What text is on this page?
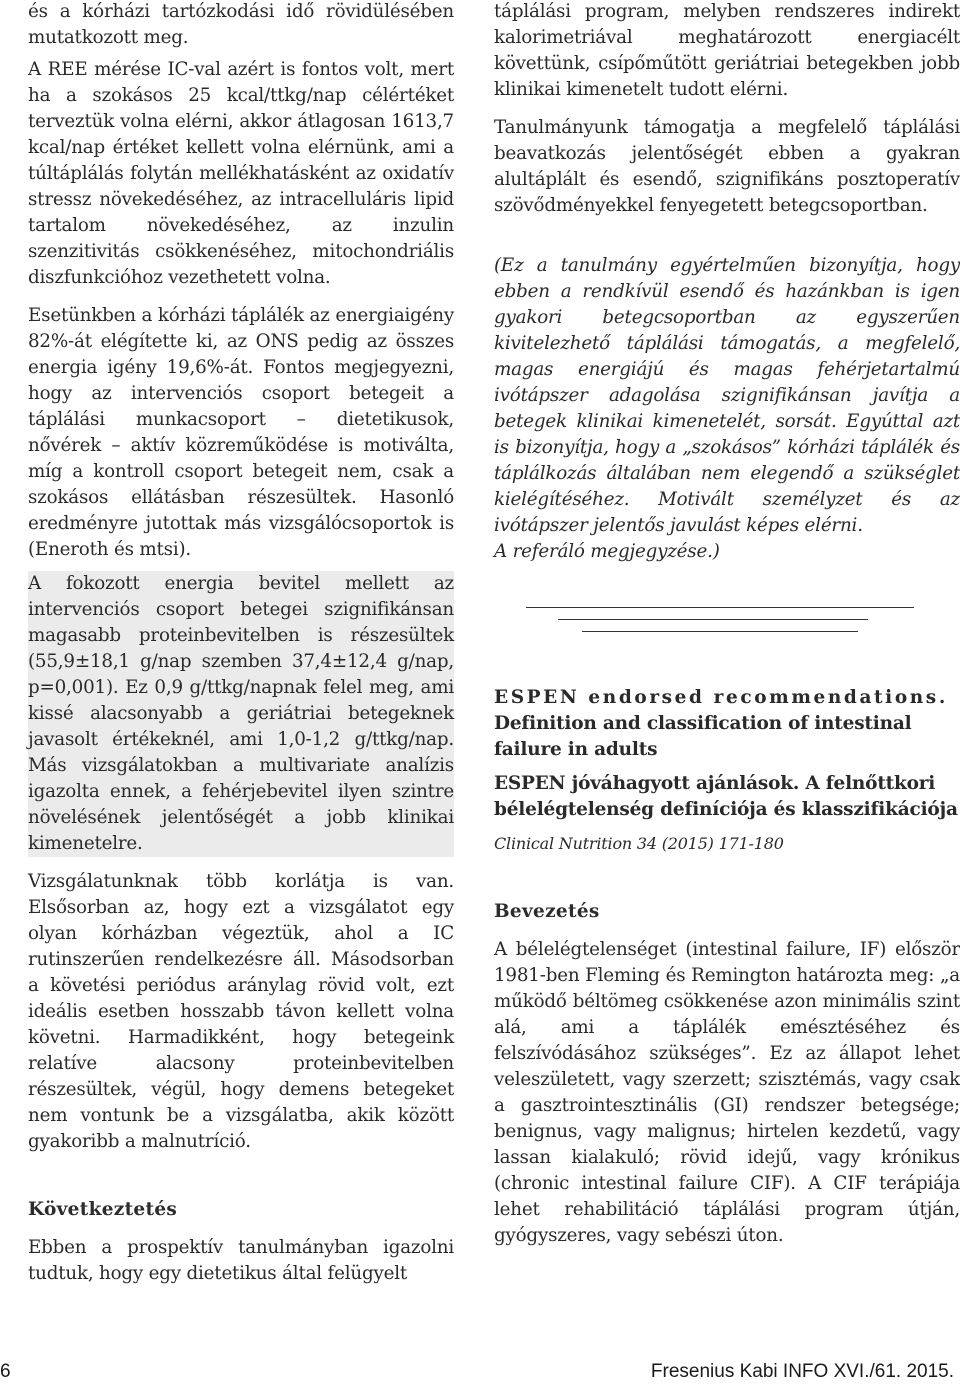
és a kórházi tartózkodási idő rövidülésében mutatkozott meg.

A REE mérése IC-val azért is fontos volt, mert ha a szokásos 25 kcal/ttkg/nap célértéket terveztük volna elérni, akkor átlagosan 1613,7 kcal/nap értéket kellett volna elérnünk, ami a túltáplálás folytán mellékhatásként az oxidatív stressz növekedéséhez, az intracelluláris lipid tartalom növekedéséhez, az inzulin szenzitivitás csökkenéséhez, mitochondriális diszfunkcióhoz vezethetett volna.

Esetünkben a kórházi táplálék az energiaigény 82%-át elégítette ki, az ONS pedig az összes energia igény 19,6%-át. Fontos megjegyezni, hogy az intervenciós csoport betegeit a táplálási munkacsoport – dietetikusok, nővérek – aktív közreműködése is motiválta, míg a kontroll csoport betegeit nem, csak a szokásos ellátásban részesültek. Hasonló eredményre jutottak más vizsgálócsoportok is (Eneroth és mtsi).

A fokozott energia bevitel mellett az intervenciós csoport betegei szignifikánsan magasabb proteinbevitelben is részesültek (55,9±18,1 g/nap szemben 37,4±12,4 g/nap, p=0,001). Ez 0,9 g/ttkg/napnak felel meg, ami kissé alacsonyabb a geriátriai betegeknek javasolt értékeknél, ami 1,0-1,2 g/ttkg/nap. Más vizsgálatokban a multivariate analízis igazolta ennek, a fehérjebevitel ilyen szintre növelésének jelentőségét a jobb klinikai kimenetelre.

Vizsgálatunknak több korlátja is van. Elsősorban az, hogy ezt a vizsgálatot egy olyan kórházban végeztük, ahol a IC rutinszerűen rendelkezésre áll. Másodsorban a követési periódus aránylag rövid volt, ezt ideális esetben hosszabb távon kellett volna követni. Harmadikként, hogy betegeink relatíve alacsony proteinbevitelben részesültek, végül, hogy demens betegeket nem vontunk be a vizsgálatba, akik között gyakoribb a malnutríció.

Következtetés

Ebben a prospektív tanulmányban igazolni tudtuk, hogy egy dietetikus által felügyelt

táplálási program, melyben rendszeres indirekt kalorimetriával meghatározott energiacélt követtünk, csípőműtött geriátriai betegekben jobb klinikai kimenetelt tudott elérni.

Tanulmányunk támogatja a megfelelő táplálási beavatkozás jelentőségét ebben a gyakran alultáplált és esendő, szignifikáns posztoperatív szövődményekkel fenyegetett betegcsoportban.

(Ez a tanulmány egyértelműen bizonyítja, hogy ebben a rendkívül esendő és hazánkban is igen gyakori betegcsoportban az egyszerűen kivitelezhető táplálási támogatás, a megfelelő, magas energiájú és magas fehérjetartalmú ivótápszer adagolása szignifikánsan javítja a betegek klinikai kimenetelét, sorsát. Egyúttal azt is bizonyítja, hogy a „szokásos” kórházi táplálék és táplálkozás általában nem elegendő a szükséglet kielégítéséhez. Motivált személyzet és az ivótápszer jelentős javulást képes elérni.

A referáló megjegyzése.)

ESPEN endorsed recommendations.
Definition and classification of intestinal failure in adults

ESPEN jóváhagyott ajánlások. A felnőttkori bélelégtelenség definíciója és klasszifikációja

Clinical Nutrition 34 (2015) 171-180

Bevezetés

A bélelégtelenséget (intestinal failure, IF) először 1981-ben Fleming és Remington határozta meg: „a működő béltömeg csökkenése azon minimális szint alá, ami a táplálék emésztéséhez és felszívódásához szükséges”. Ez az állapot lehet veleszületett, vagy szerzett; szisztémás, vagy csak a gasztrointesztinális (GI) rendszer betegsége; benignus, vagy malignus; hirtelen kezdetű, vagy lassan kialakuló; rövid idejű, vagy krónikus (chronic intestinal failure CIF). A CIF terápiája lehet rehabilitáció táplálási program útján, gyógyszeres, vagy sebészi úton.

6	Fresenius Kabi INFO XVI./61. 2015.
